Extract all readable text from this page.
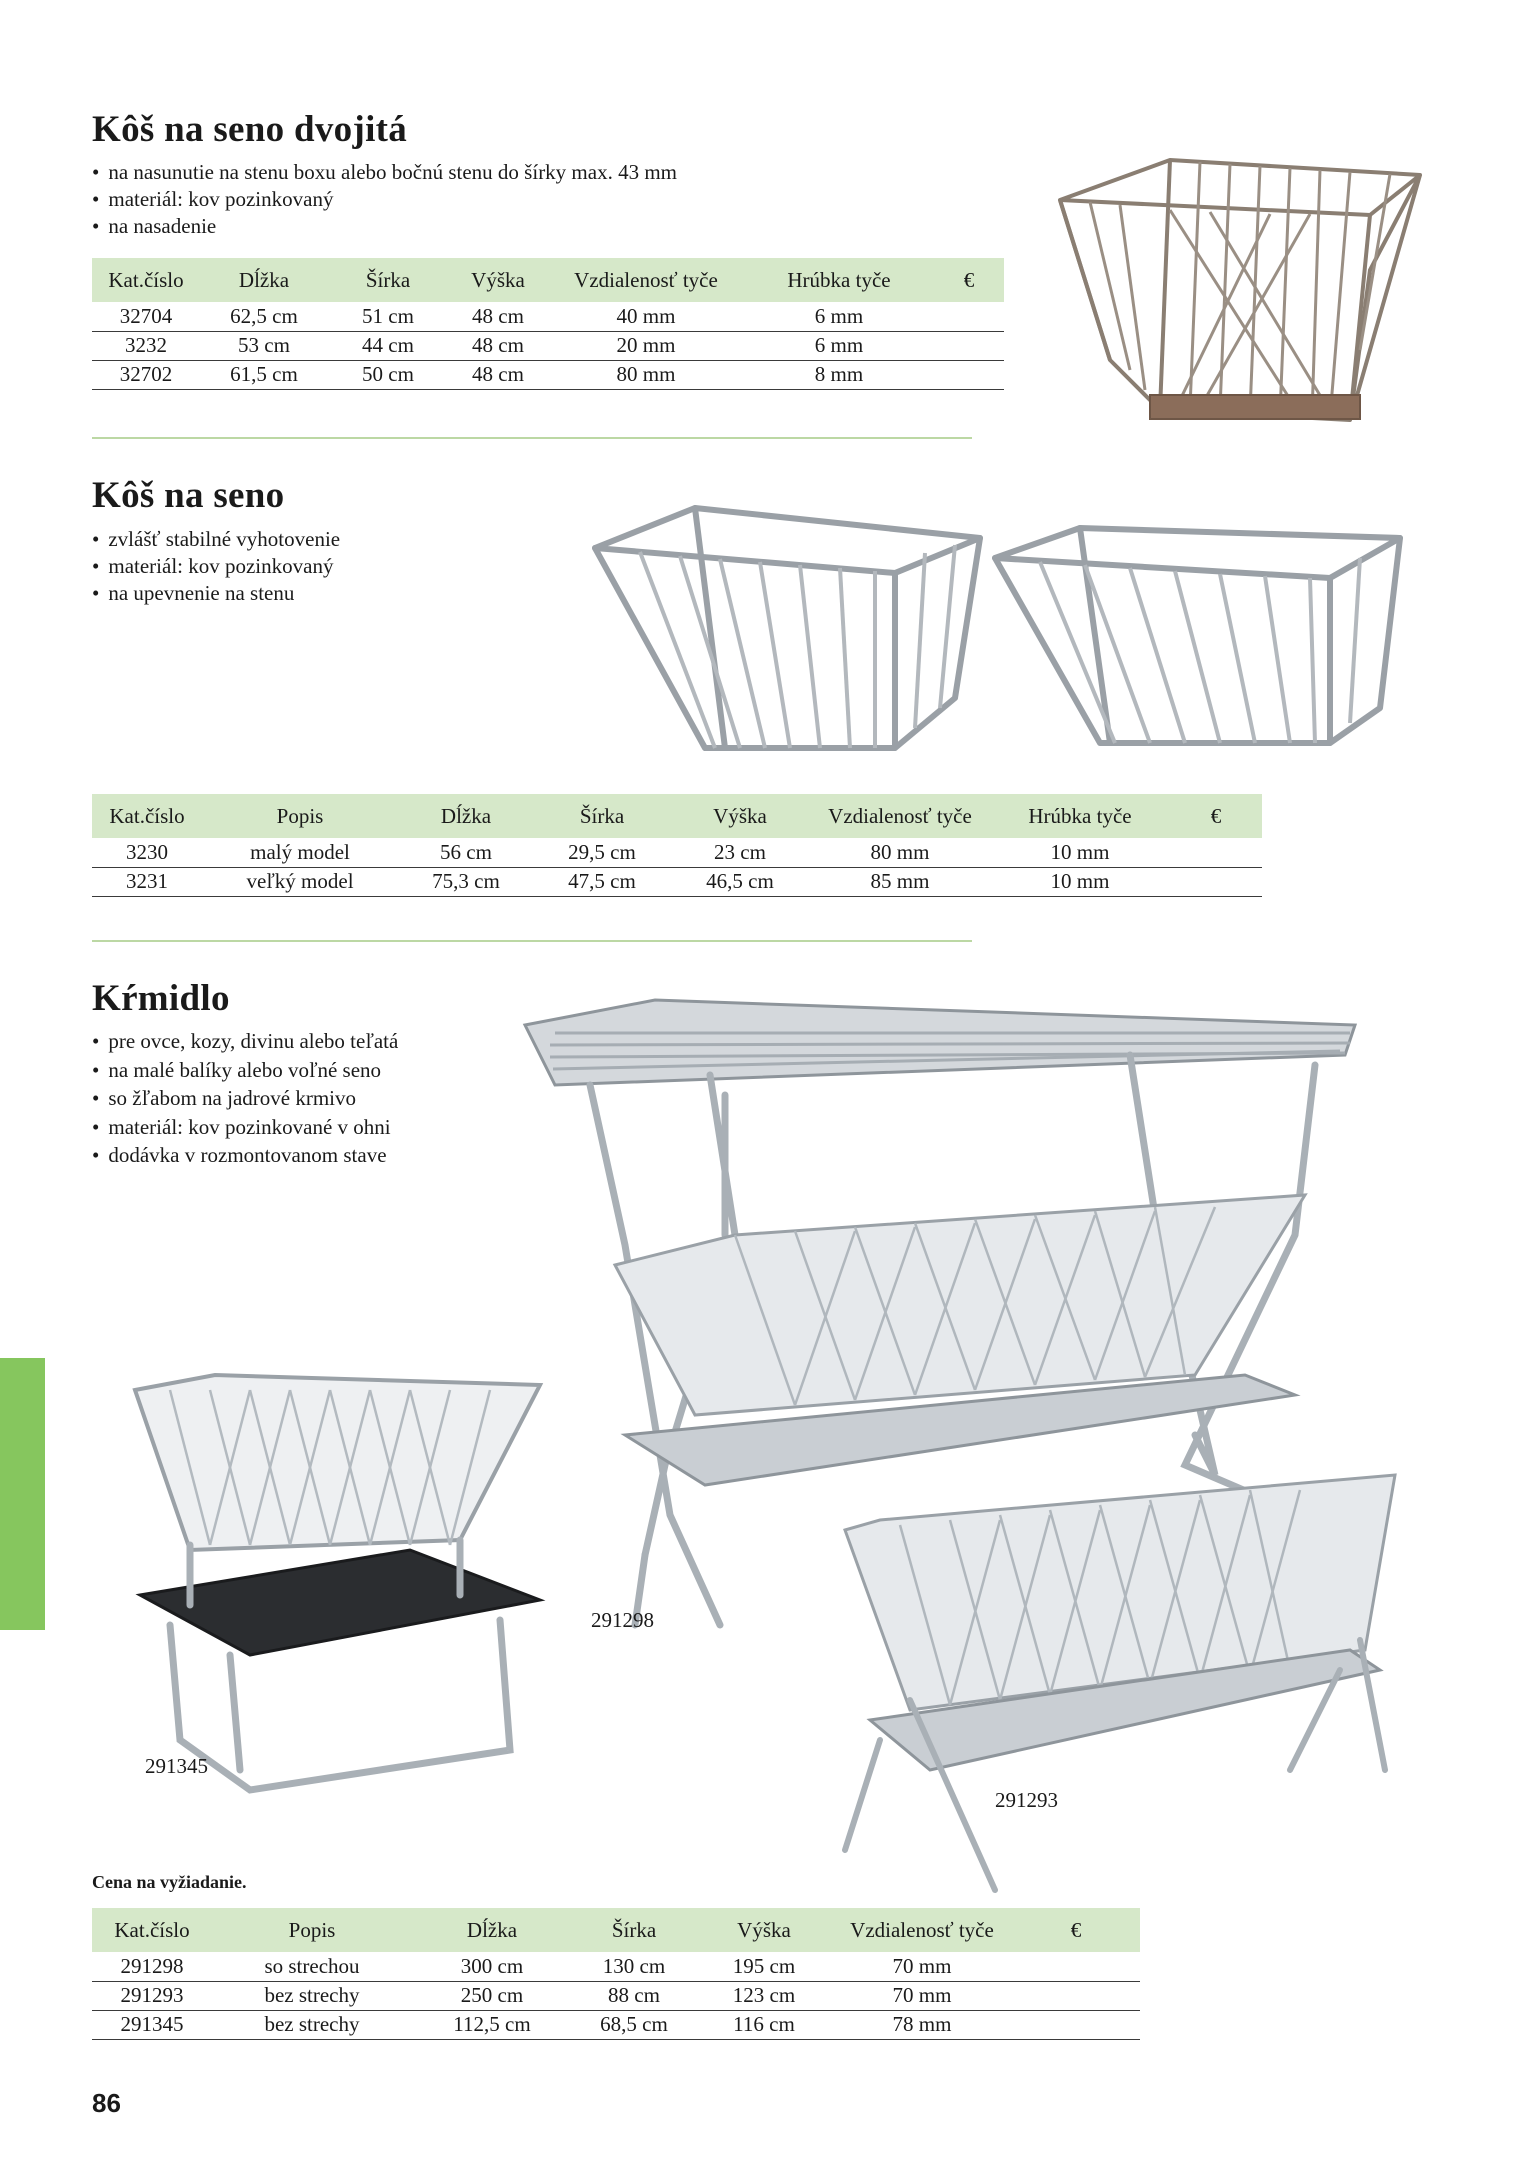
Kôš na seno dvojitá
• na nasunutie na stenu boxu alebo bočnú stenu do šírky max. 43 mm
• materiál: kov pozinkovaný
• na nasadenie
Kat.číslo	Dĺžka	Šírka	Výška	Vzdialenosť tyče	Hrúbka tyče	€
32704	62,5 cm	51 cm	48 cm	40 mm	6 mm	
3232	53 cm	44 cm	48 cm	20 mm	6 mm	
32702	61,5 cm	50 cm	48 cm	80 mm	8 mm	
Kôš na seno
• zvlášť stabilné vyhotovenie
• materiál: kov pozinkovaný
• na upevnenie na stenu
Kat.číslo	Popis	Dĺžka	Šírka	Výška	Vzdialenosť tyče	Hrúbka tyče	€
3230	malý model	56 cm	29,5 cm	23 cm	80 mm	10 mm	
3231	veľký model	75,3 cm	47,5 cm	46,5 cm	85 mm	10 mm	
Kŕmidlo
• pre ovce, kozy, divinu alebo teľatá
• na malé balíky alebo voľné seno
• so žľabom na jadrové krmivo
• materiál: kov pozinkované v ohni
• dodávka v rozmontovanom stave
291298
291345
291293
Cena na vyžiadanie.
Kat.číslo	Popis	Dĺžka	Šírka	Výška	Vzdialenosť tyče	€
291298	so strechou	300 cm	130 cm	195 cm	70 mm	
291293	bez strechy	250 cm	88 cm	123 cm	70 mm	
291345	bez strechy	112,5 cm	68,5 cm	116 cm	78 mm	
86
